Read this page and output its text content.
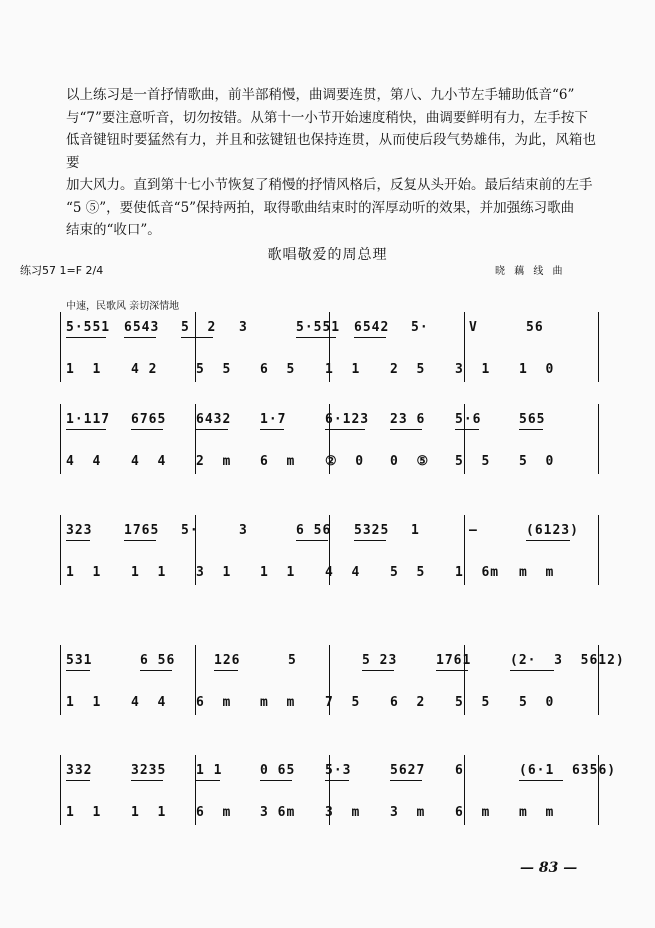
以上练习是一首抒情歌曲，前半部稍慢，曲调要连贯，第八、九小节左手辅助低音“6”
与“7”要注意听音，切勿按错。从第十一小节开始速度稍快，曲调要鲜明有力，左手按下
低音键钮时要猛然有力，并且和弦键钮也保持连贯，从而使后段气势雄伟，为此，风箱也要
加大风力。直到第十七小节恢复了稍慢的抒情风格后，反复从头开始。最后结束前的左手
“5 ⑤”，要使低音“5”保持两拍，取得歌曲结束时的浑厚动听的效果，并加强练习歌曲
结束的“收口”。
歌唱敬爱的周总理
练习57 1=F 2/4	晓 藕 线 曲
中速，民歌风 亲切深情地
5·551 6543 5  2 3	5·551 6542 5·	V	56
1  1 4 2	5  5 6  5 1  1 2  5 3  1 1  0
1·117 6765 6432 1·7	6·123 23 6 5·6	565
4  4 4  4 2  m 6  m ②  0 0  ⑤ 5  5 5  0
323 1765 5·	3	6 56 5325 1	—	(6123)
1  1 1  1 3  1 1  1 4  4 5  5 1  6m m  m
531	6 56	126	5	5 23	1761	(2·  3  5612)
1  1 4  4 6  m m  m 7  5 6  2 5  5 5  0
332	3235 1 1	0 65 5·3	5627 6	(6·1  6356)
1  1 1  1 6  m 3 6m 3  m 3  m 6  m m  m
— 83 —
